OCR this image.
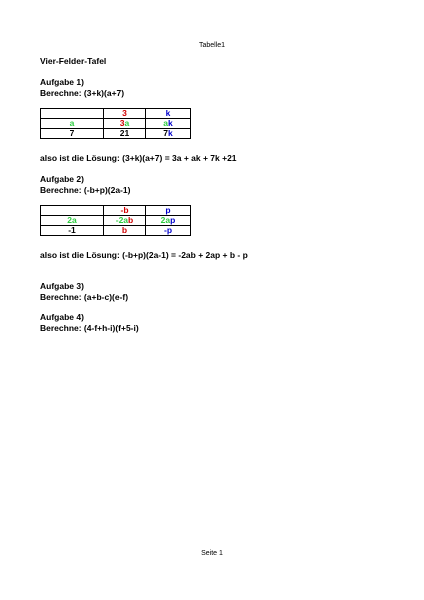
Tabelle1
Vier-Felder-Tafel
Aufgabe 1)
Berechne: (3+k)(a+7)
	3	k
a	3a	ak
7	21	7k
also ist die Lösung: (3+k)(a+7) = 3a + ak + 7k +21
Aufgabe 2)
Berechne: (-b+p)(2a-1)
	-b	p
2a	-2ab	2ap
-1	b	-p
also ist die Lösung: (-b+p)(2a-1) = -2ab + 2ap + b - p
Aufgabe 3)
Berechne: (a+b-c)(e-f)
Aufgabe 4)
Berechne: (4-f+h-i)(f+5-i)
Seite 1
